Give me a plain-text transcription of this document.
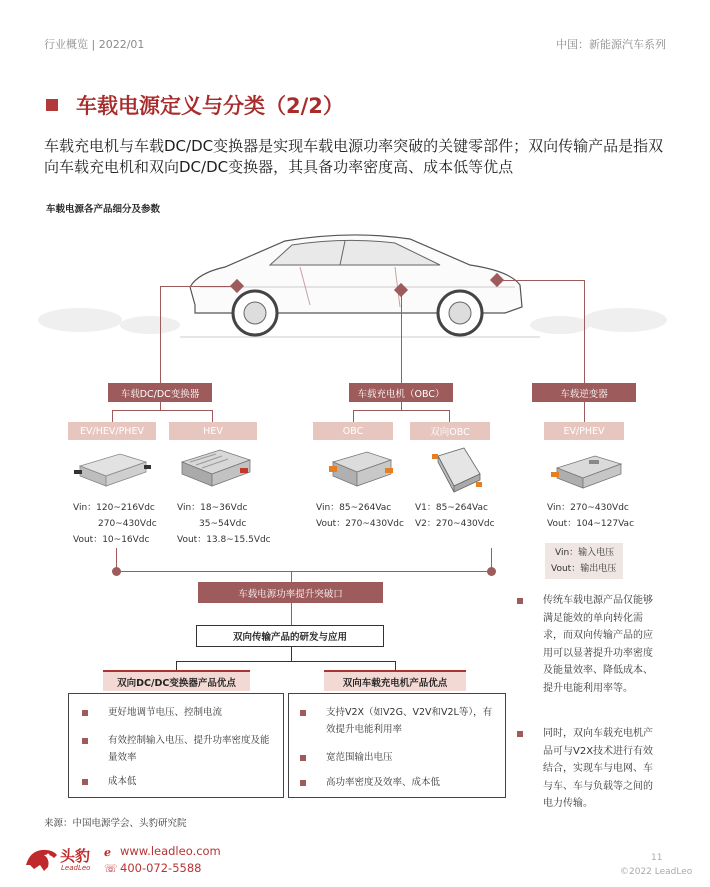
行业概览 | 2022/01	中国：新能源汽车系列
车载电源定义与分类（2/2）
车载充电机与车载DC/DC变换器是实现车载电源功率突破的关键零部件；双向传输产品是指双向车载充电机和双向DC/DC变换器，其具备功率密度高、成本低等优点
车载电源各产品细分及参数
车载DC/DC变换器	车载充电机（OBC）	车载逆变器
EV/HEV/PHEV	HEV	OBC	双向OBC	EV/PHEV
Vin：120~216Vdc
270~430Vdc
Vout：10~16Vdc
Vin：18~36Vdc
35~54Vdc
Vout：13.8~15.5Vdc
Vin：85~264Vac
Vout：270~430Vdc
V1：85~264Vac
V2：270~430Vdc
Vin：270~430Vdc
Vout：104~127Vac
Vin：输入电压
Vout：输出电压
车载电源功率提升突破口
双向传输产品的研发与应用
双向DC/DC变换器产品优点	双向车载充电机产品优点
更好地调节电压、控制电流
有效控制输入电压、提升功率密度及能量效率
成本低
支持V2X（如V2G、V2V和V2L等），有效提升电能利用率
宽范围输出电压
高功率密度及效率、成本低
传统车载电源产品仅能够满足能效的单向转化需求，而双向传输产品的应用可以显著提升功率密度及能量效率、降低成本、提升电能利用率等。
同时，双向车载充电机产品可与V2X技术进行有效结合，实现车与电网、车与车、车与负载等之间的电力传输。
来源：中国电源学会、头豹研究院
头豹
LeadLeo
ℯ www.leadleo.com
☏ 400-072-5588
11
©2022 LeadLeo
